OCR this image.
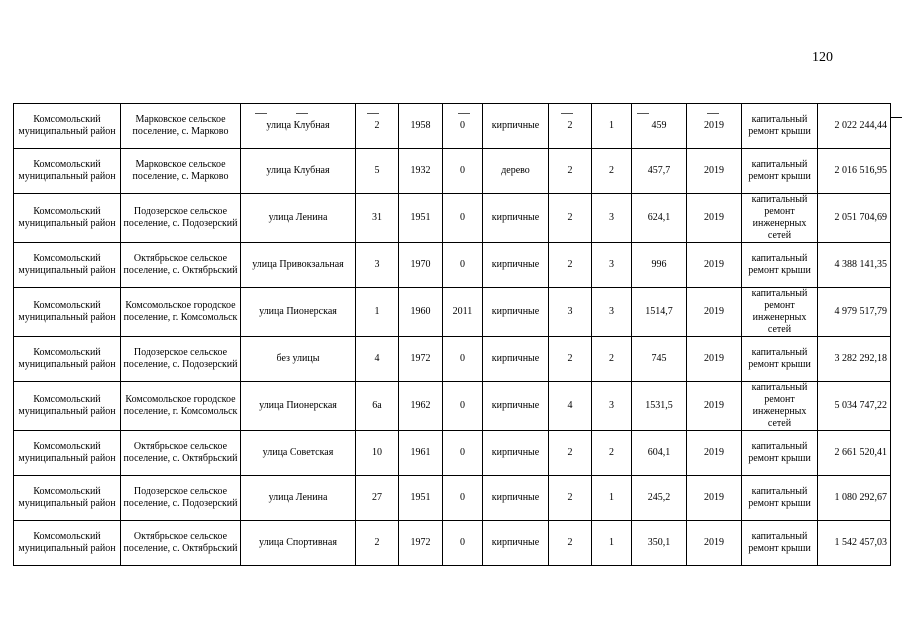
120
Комсомольский муниципальный район	Марковское сельское поселение, с. Марково	улица Клубная	2	1958	0	кирпичные	2	1	459	2019	капитальный ремонт крыши	2 022 244,44
Комсомольский муниципальный район	Марковское сельское поселение, с. Марково	улица Клубная	5	1932	0	дерево	2	2	457,7	2019	капитальный ремонт крыши	2 016 516,95
Комсомольский муниципальный район	Подозерское сельское поселение, с. Подозерский	улица Ленина	31	1951	0	кирпичные	2	3	624,1	2019	капитальный ремонт инженерных сетей	2 051 704,69
Комсомольский муниципальный район	Октябрьское сельское поселение, с. Октябрьский	улица Привокзальная	3	1970	0	кирпичные	2	3	996	2019	капитальный ремонт крыши	4 388 141,35
Комсомольский муниципальный район	Комсомольское городское поселение, г. Комсомольск	улица Пионерская	1	1960	2011	кирпичные	3	3	1514,7	2019	капитальный ремонт инженерных сетей	4 979 517,79
Комсомольский муниципальный район	Подозерское сельское поселение, с. Подозерский	без улицы	4	1972	0	кирпичные	2	2	745	2019	капитальный ремонт крыши	3 282 292,18
Комсомольский муниципальный район	Комсомольское городское поселение, г. Комсомольск	улица Пионерская	6а	1962	0	кирпичные	4	3	1531,5	2019	капитальный ремонт инженерных сетей	5 034 747,22
Комсомольский муниципальный район	Октябрьское сельское поселение, с. Октябрьский	улица Советская	10	1961	0	кирпичные	2	2	604,1	2019	капитальный ремонт крыши	2 661 520,41
Комсомольский муниципальный район	Подозерское сельское поселение, с. Подозерский	улица Ленина	27	1951	0	кирпичные	2	1	245,2	2019	капитальный ремонт крыши	1 080 292,67
Комсомольский муниципальный район	Октябрьское сельское поселение, с. Октябрьский	улица Спортивная	2	1972	0	кирпичные	2	1	350,1	2019	капитальный ремонт крыши	1 542 457,03
